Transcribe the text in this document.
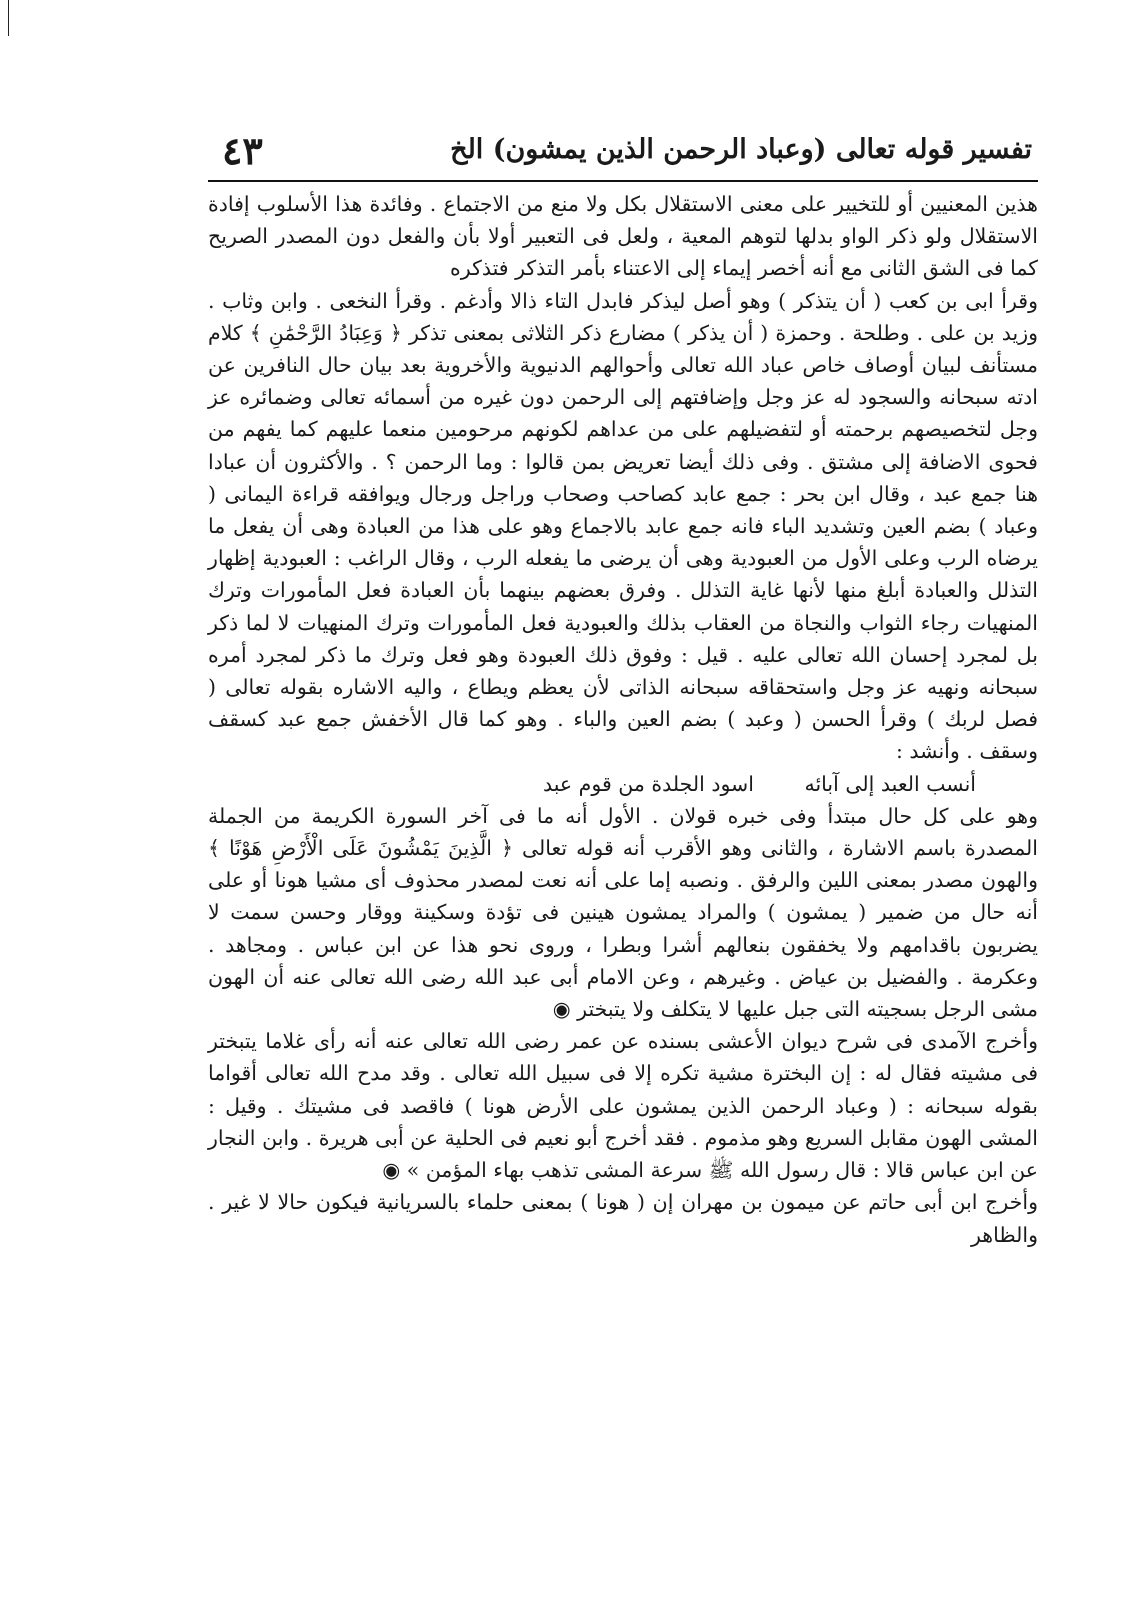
تفسير قوله تعالى (وعباد الرحمن الذين يمشون) الخ
٤٣

هذين المعنيين أو للتخيير على معنى الاستقلال بكل ولا منع من الاجتماع . وفائدة هذا الأسلوب إفادة الاستقلال ولو ذكر الواو بدلها لتوهم المعية ، ولعل فى التعبير أولا بأن والفعل دون المصدر الصريح كما فى الشق الثانى مع أنه أخصر إيماء إلى الاعتناء بأمر التذكر فتذكره

وقرأ ابى بن كعب ( أن يتذكر ) وهو أصل ليذكر فابدل التاء ذالا وأدغم . وقرأ النخعى . وابن وثاب . وزيد بن على . وطلحة . وحمزة ( أن يذكر ) مضارع ذكر الثلاثى بمعنى تذكر ﴿ وَعِبَادُ الرَّحْمَٰنِ ﴾ كلام مستأنف لبيان أوصاف خاص عباد الله تعالى وأحوالهم الدنيوية والأخروية بعد بيان حال النافرين عن ادته سبحانه والسجود له عز وجل وإضافتهم إلى الرحمن دون غيره من أسمائه تعالى وضمائره عز وجل لتخصيصهم برحمته أو لتفضيلهم على من عداهم لكونهم مرحومين منعما عليهم كما يفهم من فحوى الاضافة إلى مشتق . وفى ذلك أيضا تعريض بمن قالوا : وما الرحمن ؟ . والأكثرون أن عبادا هنا جمع عبد ، وقال ابن بحر : جمع عابد كصاحب وصحاب وراجل ورجال ويوافقه قراءة اليمانى ( وعباد ) بضم العين وتشديد الباء فانه جمع عابد بالاجماع وهو على هذا من العبادة وهى أن يفعل ما يرضاه الرب وعلى الأول من العبودية وهى أن يرضى ما يفعله الرب ، وقال الراغب : العبودية إظهار التذلل والعبادة أبلغ منها لأنها غاية التذلل . وفرق بعضهم بينهما بأن العبادة فعل المأمورات وترك المنهيات رجاء الثواب والنجاة من العقاب بذلك والعبودية فعل المأمورات وترك المنهيات لا لما ذكر بل لمجرد إحسان الله تعالى عليه . قيل : وفوق ذلك العبودة وهو فعل وترك ما ذكر لمجرد أمره سبحانه ونهيه عز وجل واستحقاقه سبحانه الذاتى لأن يعظم ويطاع ، واليه الاشاره بقوله تعالى ( فصل لربك ) وقرأ الحسن ( وعبد ) بضم العين والباء . وهو كما قال الأخفش جمع عبد كسقف وسقف . وأنشد :

أنسب العبد إلى آبائه اسود الجلدة من قوم عبد

وهو على كل حال مبتدأ وفى خبره قولان . الأول أنه ما فى آخر السورة الكريمة من الجملة المصدرة باسم الاشارة ، والثانى وهو الأقرب أنه قوله تعالى ﴿ الَّذِينَ يَمْشُونَ عَلَى الْأَرْضِ هَوْنًا ﴾ والهون مصدر بمعنى اللين والرفق . ونصبه إما على أنه نعت لمصدر محذوف أى مشيا هونا أو على أنه حال من ضمير ( يمشون ) والمراد يمشون هينين فى تؤدة وسكينة ووقار وحسن سمت لا يضربون باقدامهم ولا يخفقون بنعالهم أشرا وبطرا ، وروى نحو هذا عن ابن عباس . ومجاهد . وعكرمة . والفضيل بن عياض . وغيرهم ، وعن الامام أبى عبد الله رضى الله تعالى عنه أن الهون مشى الرجل بسجيته التى جبل عليها لا يتكلف ولا يتبختر ◉

وأخرج الآمدى فى شرح ديوان الأعشى بسنده عن عمر رضى الله تعالى عنه أنه رأى غلاما يتبختر فى مشيته فقال له : إن البخترة مشية تكره إلا فى سبيل الله تعالى . وقد مدح الله تعالى أقواما بقوله سبحانه : ( وعباد الرحمن الذين يمشون على الأرض هونا ) فاقصد فى مشيتك . وقيل : المشى الهون مقابل السريع وهو مذموم . فقد أخرج أبو نعيم فى الحلية عن أبى هريرة . وابن النجار عن ابن عباس قالا : قال رسول الله ﷺ سرعة المشى تذهب بهاء المؤمن » ◉

وأخرج ابن أبى حاتم عن ميمون بن مهران إن ( هونا ) بمعنى حلماء بالسريانية فيكون حالا لا غير . والظاهر
